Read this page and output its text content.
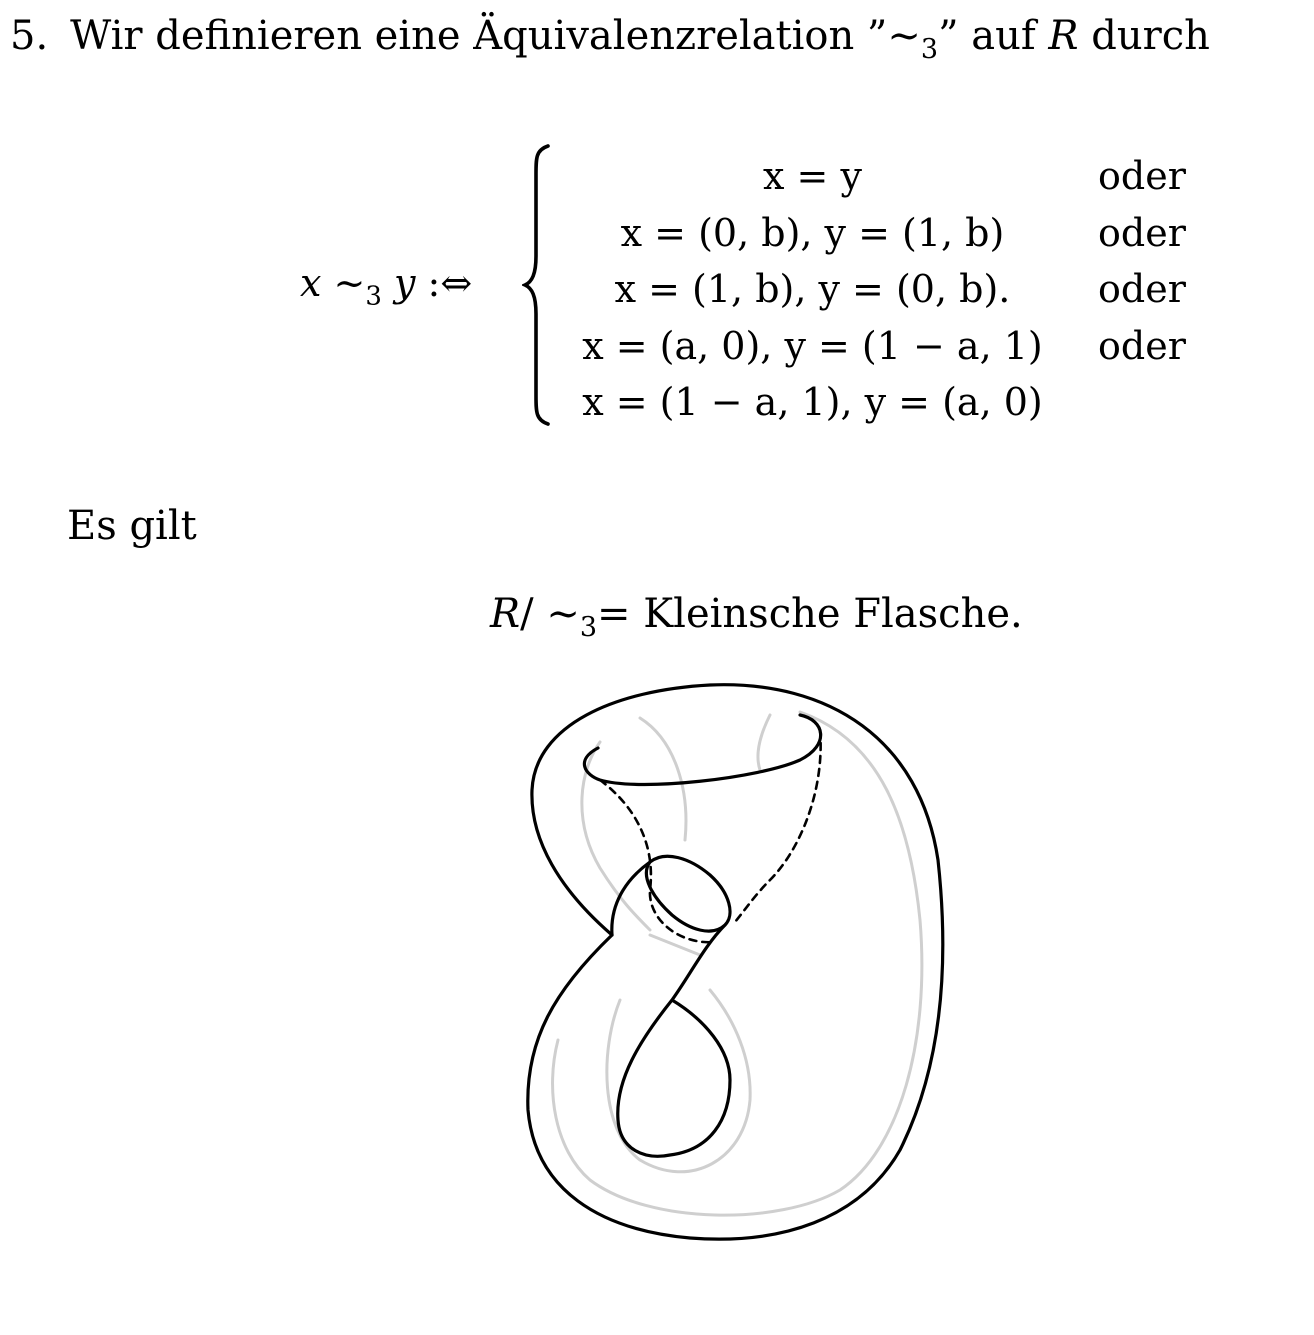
5. Wir definieren eine Äquivalenzrelation $”\sim_3$” auf R durch
x $\sim_3$ y :⇔
x = y	oder
x = (0, b), y = (1, b)	oder
x = (1, b), y = (0, b).	oder
x = (a, 0), y = (1 − a, 1)	oder
x = (1 − a, 1), y = (a, 0)
Es gilt
R/ $\sim_3=$ Kleinsche Flasche.
